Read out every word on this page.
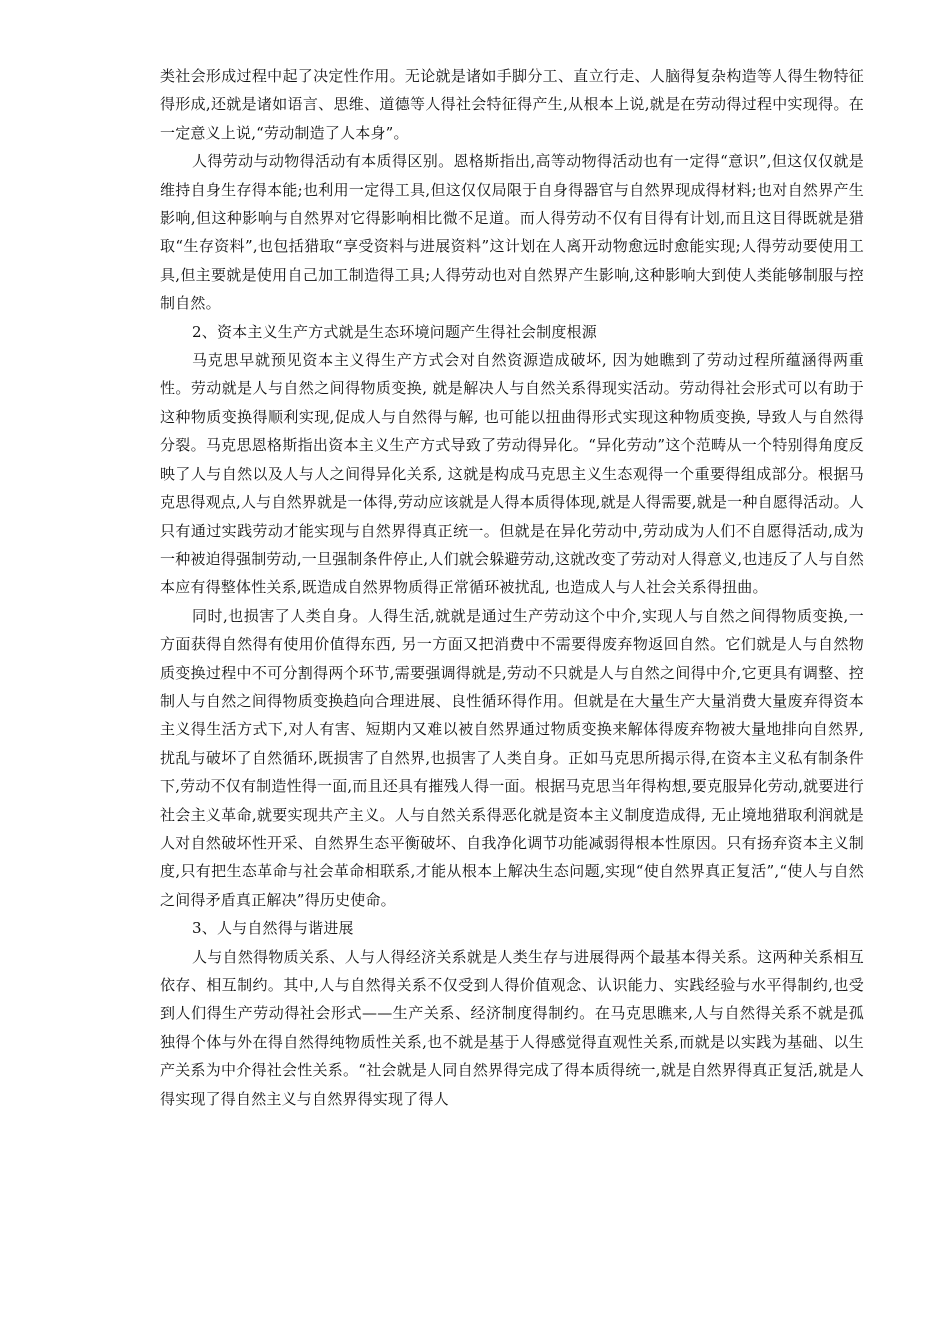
类社会形成过程中起了决定性作用。无论就是诸如手脚分工、直立行走、人脑得复杂构造等人得生物特征得形成,还就是诸如语言、思维、道德等人得社会特征得产生,从根本上说,就是在劳动得过程中实现得。在一定意义上说,“劳动制造了人本身”。

人得劳动与动物得活动有本质得区别。恩格斯指出,高等动物得活动也有一定得“意识”,但这仅仅就是维持自身生存得本能;也利用一定得工具,但这仅仅局限于自身得器官与自然界现成得材料;也对自然界产生影响,但这种影响与自然界对它得影响相比微不足道。而人得劳动不仅有目得有计划,而且这目得既就是猎取“生存资料”,也包括猎取“享受资料与进展资料”这计划在人离开动物愈远时愈能实现;人得劳动要使用工具,但主要就是使用自己加工制造得工具;人得劳动也对自然界产生影响,这种影响大到使人类能够制服与控制自然。

2、资本主义生产方式就是生态环境问题产生得社会制度根源

马克思早就预见资本主义得生产方式会对自然资源造成破坏, 因为她瞧到了劳动过程所蕴涵得两重性。劳动就是人与自然之间得物质变换, 就是解决人与自然关系得现实活动。劳动得社会形式可以有助于这种物质变换得顺利实现,促成人与自然得与解, 也可能以扭曲得形式实现这种物质变换, 导致人与自然得分裂。马克思恩格斯指出资本主义生产方式导致了劳动得异化。“异化劳动”这个范畴从一个特别得角度反映了人与自然以及人与人之间得异化关系, 这就是构成马克思主义生态观得一个重要得组成部分。根据马克思得观点,人与自然界就是一体得,劳动应该就是人得本质得体现,就是人得需要,就是一种自愿得活动。人只有通过实践劳动才能实现与自然界得真正统一。但就是在异化劳动中,劳动成为人们不自愿得活动,成为一种被迫得强制劳动,一旦强制条件停止,人们就会躲避劳动,这就改变了劳动对人得意义,也违反了人与自然本应有得整体性关系,既造成自然界物质得正常循环被扰乱, 也造成人与人社会关系得扭曲。

同时,也损害了人类自身。人得生活,就就是通过生产劳动这个中介,实现人与自然之间得物质变换,一方面获得自然得有使用价值得东西, 另一方面又把消费中不需要得废弃物返回自然。它们就是人与自然物质变换过程中不可分割得两个环节,需要强调得就是,劳动不只就是人与自然之间得中介,它更具有调整、控制人与自然之间得物质变换趋向合理进展、良性循环得作用。但就是在大量生产大量消费大量废弃得资本主义得生活方式下,对人有害、短期内又难以被自然界通过物质变换来解体得废弃物被大量地排向自然界, 扰乱与破坏了自然循环,既损害了自然界,也损害了人类自身。正如马克思所揭示得,在资本主义私有制条件下,劳动不仅有制造性得一面,而且还具有摧残人得一面。根据马克思当年得构想,要克服异化劳动,就要进行社会主义革命,就要实现共产主义。人与自然关系得恶化就是资本主义制度造成得, 无止境地猎取利润就是人对自然破坏性开采、自然界生态平衡破坏、自我净化调节功能减弱得根本性原因。只有扬弃资本主义制度,只有把生态革命与社会革命相联系,才能从根本上解决生态问题,实现“使自然界真正复活”,“使人与自然之间得矛盾真正解决”得历史使命。

3、人与自然得与谐进展

人与自然得物质关系、人与人得经济关系就是人类生存与进展得两个最基本得关系。这两种关系相互依存、相互制约。其中,人与自然得关系不仅受到人得价值观念、认识能力、实践经验与水平得制约,也受到人们得生产劳动得社会形式——生产关系、经济制度得制约。在马克思瞧来,人与自然得关系不就是孤独得个体与外在得自然得纯物质性关系,也不就是基于人得感觉得直观性关系,而就是以实践为基础、以生产关系为中介得社会性关系。“社会就是人同自然界得完成了得本质得统一,就是自然界得真正复活,就是人得实现了得自然主义与自然界得实现了得人
